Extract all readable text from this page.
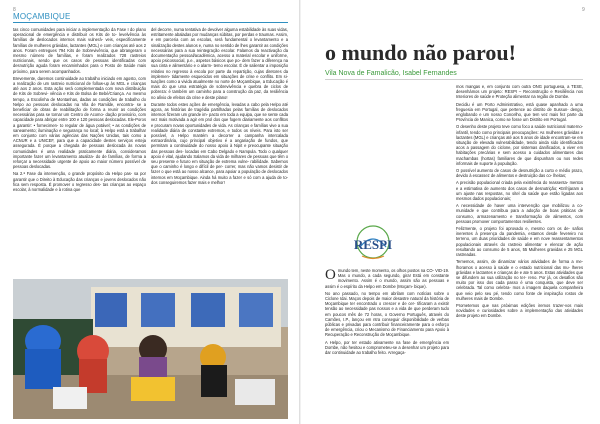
8	9
MOÇAMBIQUE

tas cinco comunidades para iniciar a implementação da Fase I do plano operacional de emergência e distribuir os Kits de to- levelvência às famílias de deslocados internos mais vulnerá- veis, especificamente famílias de mulheres grávidas, lactantes (MGL) e com crianças até aos 2 anos. Foram entregues 794 Kits de Sobrevivência, que abrangeram o mesmo número de famílias, e foram realizados 728 rastreios nutricionais, sendo que os casos de pessoas identificadas com desnutrição aguda foram encaminhados para o Posto de Saúde mais próximo, para serem acompanhados.

Brevemente, daremos continuidade ao trabalho iniciado em agosto, com a realização de um rastreio nutricional de follow-up às MGL e crianças até aos 2 anos. Esta ação será complementada com nova distribuição de Kits de Sobrevi- vência e Kits de Bolsa de Bebé/Criança. Ao mesmo tempo, a Escolinha de Montanhas, dadas as condições de trabalho do Nelpo ao pessoas deslocadas na Vila de Ramilde, encontra- se a beneficiar de obras de reabilitação de forma a reunir as condições necessárias para se tornar um Centro de Acomo- dação provisório, com capacidade para abrigar entre 100 e 120 pessoas deslocadas. Ele-Poros a garantir: • fornecimen- to regular de água potável; • as condições de saneamento; iluminação e segurança no local; à Helpo está a trabalhar em conjunto com várias agências das Nações Unidas, tais como a ACNUR e a UNICEF, para que a capacidade destes serviços esteja assegurada. É porque a chegada de pessoas deslocada às novas comunidades é uma realidade praticamente diária, consideramos importante fazer um levantamento atualiza- do de famílias, de forma a reforçar a necessidade urgente de apoio ao maior número possível de pessoas deslocadas.

Na 2.ª Fase da intervenção, o grande propósito da Helpo pas- sa por garantir que o Direito à Educação das crianças e jovens deslocados não fica sem resposta. É promover o regresso des- tas crianças ao espaço escolar, à normalidade e à rotina que

del decorre, numa tentativa de devolver alguma estabilidade às suas vidas, estritamente abaladas por mudanças súbitas, por perdas e traumas. Assim, e em parceria com as escolas, será fundamental o levantamento e a sinalização destes alunos e, numa no sentido de lhes garantir as condições necessárias para a sua reintegração escolar. Falamos da reactivação da documentação pessoal/académica, acesso a material escolar e uniforme, apoio psicossocial, p.e., aspetos básicos que po- dem fazer a diferença na sua cinta e alimentário e o alarm- temo escolar. É de salientar a imposição relativo no regresso à escola por parte da repartição, cujas diretores da implemen- tidamente esquecidos em situações de crise e conflito. Em si- tuações como a vivida atualmente no norte de Moçambique, a Educação é mais do que uma estratégia de sobrevivência e quebra de ciclos de pobreza: é também um caminho para a construção da paz, da resiliência no alívio de efeitos da crise e deste plano!

Durante todos estes ações de emergência, levadas a cabo pela Helpo até agora, as histórias de tragédia partilhadas pelas famílias de deslocados internos fizeram um grande im- pacto em toda a equipa, que se sente cada vez mais motivada a agir em prol dos que fogem diariamente aos conflitos e procuram novas oportunidades de vida. As crianças e famílias vive a sua realidade diária de constante extremos, e todos os níveis. Para isto ser possível, a Helpo mantém a decorrer a campanha intercalada extraordinária, cujo principal objetivo é a angariação de fundos, que permitam a continuidade do nosso apoio à Nipit e preocupante situação das pessoas des- locadas em Cabo Delgado e Nampula. Todo o qualquer apoio é vital, ajudando Salamos da vida de milhares de pessoas que têm o seu presente e futuro em situação de extrema vulne- rabilidade. Sabemos que o caminho é longo e difícil de per- correr, mas não vamos desistir de fazer o que está ao nosso alcance, para apoiar a população de deslocados internos em Moçambique. Ainda há muito a fazer e só com a ajuda de to- dos conseguiremos fazer mais e melhor!

o mundo não parou!
Vila Nova de Famalicão, Isabel Fernandes
RESPI

Omundo tem, neste momento, os olhos postos na CO- VID-19. Mas o mundo, a cada segundo, gira! Está em constante movimento. Assim é o mundo, assim são as pessoas e assim é o espírito da Helpo em Dombe (Moçam- bique).

No ano passado, no tempo em abrilam com notícias sobre o Ciclone Idai. Maços depois de maior desastre natural da história de Moçambique ter encontrado o crescer e de cer- tificaram a existir tensão ao necessidade pas nossos e a vida de que perderam tudo em poucos mês de 72 horas, o Governo Português, através do Camões, I.P., lançou em ntra conseguir disponibilidade de verbas públicas e privadas para contribuir financeiramente para o esforço de emergência, criou o Mecanismo de Financiamento para Apoio à Recuperação e Reconstrução de Moçambique.

A Helpo, por ter estado ativamente na fase de emergência em Dombe, não hesitou e comprometeu-se a desenhar um projeto para dar continuidade ao trabalho feito. Arregaça-

mos mangas e, em conjunto com outra ONG portuguesa, a TESE, desenhámos um projeto: RESPI – Reconstrução e Resiliência nos Interiores de saúde e Proteção alimentar na região de Dombe.

Decidiu é um Porto Administrativo, está quase apanhado a uma freguesia em Portugal, que pertence ao distrito de Sussun- dengo, englobando e um nosso Concelho, que tem vez mais fez parte da Província de Manica, como se fosse um Distrito em Portugal.

O desenho deste projeto teve como foco a saúde nutricional materno-infantil, tendo como principais preocupações: As mulheres grávidas e lactantes (MGL) e crianças até aos 5 anos de idade encontram-se em situação de elevada vulnerabilidade, tendo ainda sido identificados acos a passagem do ciclone, por sistemas danificados, a viver em habitações precárias e sem acesso a cuidados alimentares das machambas (hortas) familiares de que dispunham ou nos redes informais de suporte à população.

O possível aumento de casos de desnutrição a curto e médio prazo, devido à escassez de alimentos e destruição das co- lheitas;

A precisão populacional criada pela existência do reassenta- mentos e a estimativa de aumento dos casos de desnutrição; •Enfrijaram a um ajuste nas respostas, no sítel da saúde que estão ligadas aos mesmos dados populacionais;

A necessidade de haver uma intervenção que mobilizou a co- munidade e que contribua para a adoção de boas práticas de consumo, armazenamento e transformação de alimentos, com pessoas promover comportamentos resilientes.

Felizmente, o projeto foi aprovado e, mesmo com os de- safios inerentes à presença da pandemia, estamos desde fevereiro no terreno, um duas prioridades de saúde e em nove reassentamentos populacionais através do rastreio alimentar e elencar de ação resultando ao consumo de 5 anos, 55 Mulheres gravidas e 25 MGL rastreadas.

Tememos, assim, de dinamizar vários atividades de forma a me- lhoramos o acesso à saúde e o estado nutricional das mu- lheres grávidas e lactantes e crianças de e ate 5 anos. Estas atividades que se difundem ao sua utilização no ter- reno. Por já, os desafios são muito por isso dos cada passo é uma conquista, que deve ser celebrada. Tal como celebra- mos a imagem daquela companheira que veio pelo seu pé, tendo como fonte de inspiração rostos de mulheres mais de Dombe.

Prometemos que nas próximas edições iremos trazer-vos mais novidades e curiosidades sobre a implementação das atividades deste projeto em Dombe.
